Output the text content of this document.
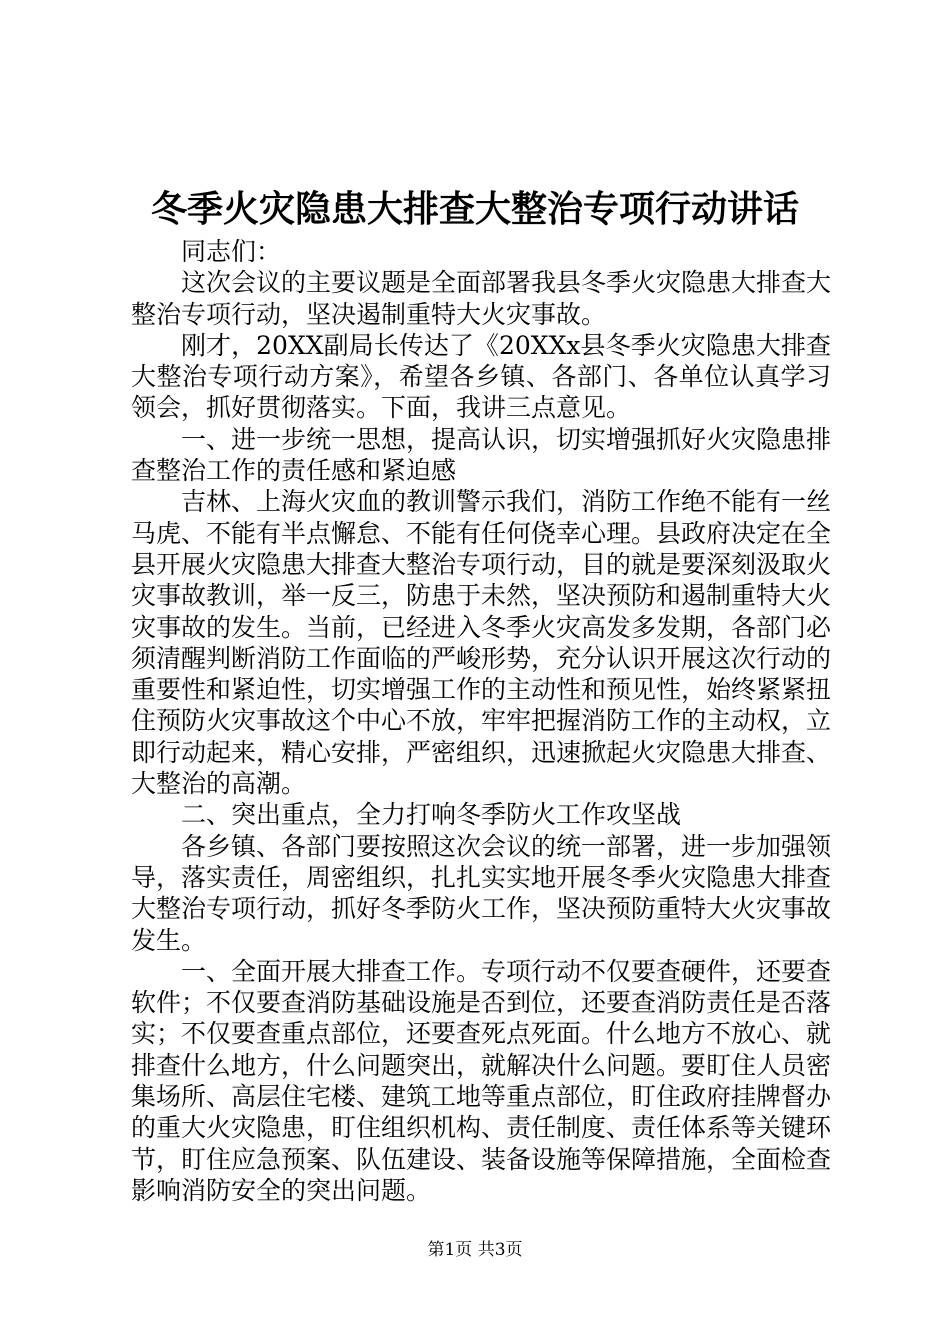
冬季火灾隐患大排查大整治专项行动讲话

同志们：

这次会议的主要议题是全面部署我县冬季火灾隐患大排查大整治专项行动，坚决遏制重特大火灾事故。

刚才，20XX副局长传达了《20XXx县冬季火灾隐患大排查大整治专项行动方案》，希望各乡镇、各部门、各单位认真学习领会，抓好贯彻落实。下面，我讲三点意见。

一、进一步统一思想，提高认识，切实增强抓好火灾隐患排查整治工作的责任感和紧迫感

吉林、上海火灾血的教训警示我们，消防工作绝不能有一丝马虎、不能有半点懈怠、不能有任何侥幸心理。县政府决定在全县开展火灾隐患大排查大整治专项行动，目的就是要深刻汲取火灾事故教训，举一反三，防患于未然，坚决预防和遏制重特大火灾事故的发生。当前，已经进入冬季火灾高发多发期，各部门必须清醒判断消防工作面临的严峻形势，充分认识开展这次行动的重要性和紧迫性，切实增强工作的主动性和预见性，始终紧紧扭住预防火灾事故这个中心不放，牢牢把握消防工作的主动权，立即行动起来，精心安排，严密组织，迅速掀起火灾隐患大排查、大整治的高潮。

二、突出重点，全力打响冬季防火工作攻坚战

各乡镇、各部门要按照这次会议的统一部署，进一步加强领导，落实责任，周密组织，扎扎实实地开展冬季火灾隐患大排查大整治专项行动，抓好冬季防火工作，坚决预防重特大火灾事故发生。

一、全面开展大排查工作。专项行动不仅要查硬件，还要查软件；不仅要查消防基础设施是否到位，还要查消防责任是否落实；不仅要查重点部位，还要查死点死面。什么地方不放心、就排查什么地方，什么问题突出，就解决什么问题。要盯住人员密集场所、高层住宅楼、建筑工地等重点部位，盯住政府挂牌督办的重大火灾隐患，盯住组织机构、责任制度、责任体系等关键环节，盯住应急预案、队伍建设、装备设施等保障措施，全面检查影响消防安全的突出问题。

第1页 共3页
